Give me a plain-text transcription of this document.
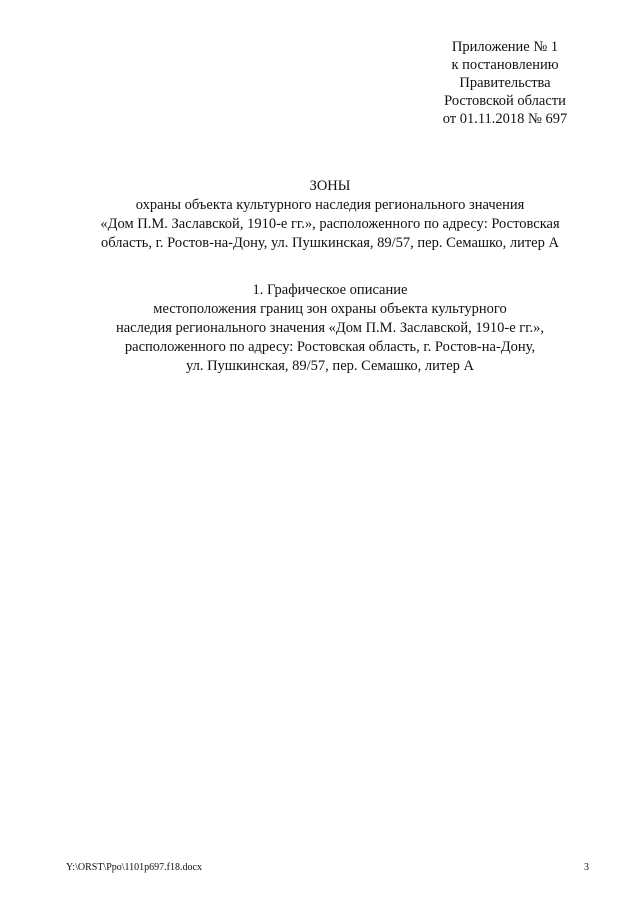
Приложение № 1
к постановлению
Правительства
Ростовской области
от 01.11.2018 № 697
ЗОНЫ
охраны объекта культурного наследия регионального значения
«Дом П.М. Заславской, 1910-е гг.», расположенного по адресу: Ростовская
область, г. Ростов-на-Дону, ул. Пушкинская, 89/57, пер. Семашко, литер А
1. Графическое описание
местоположения границ зон охраны объекта культурного
наследия регионального значения «Дом П.М. Заславской, 1910-е гг.»,
расположенного по адресу: Ростовская область, г. Ростов-на-Дону,
ул. Пушкинская, 89/57, пер. Семашко, литер А
Y:\ORST\Ppo\1101p697.f18.docx	3
